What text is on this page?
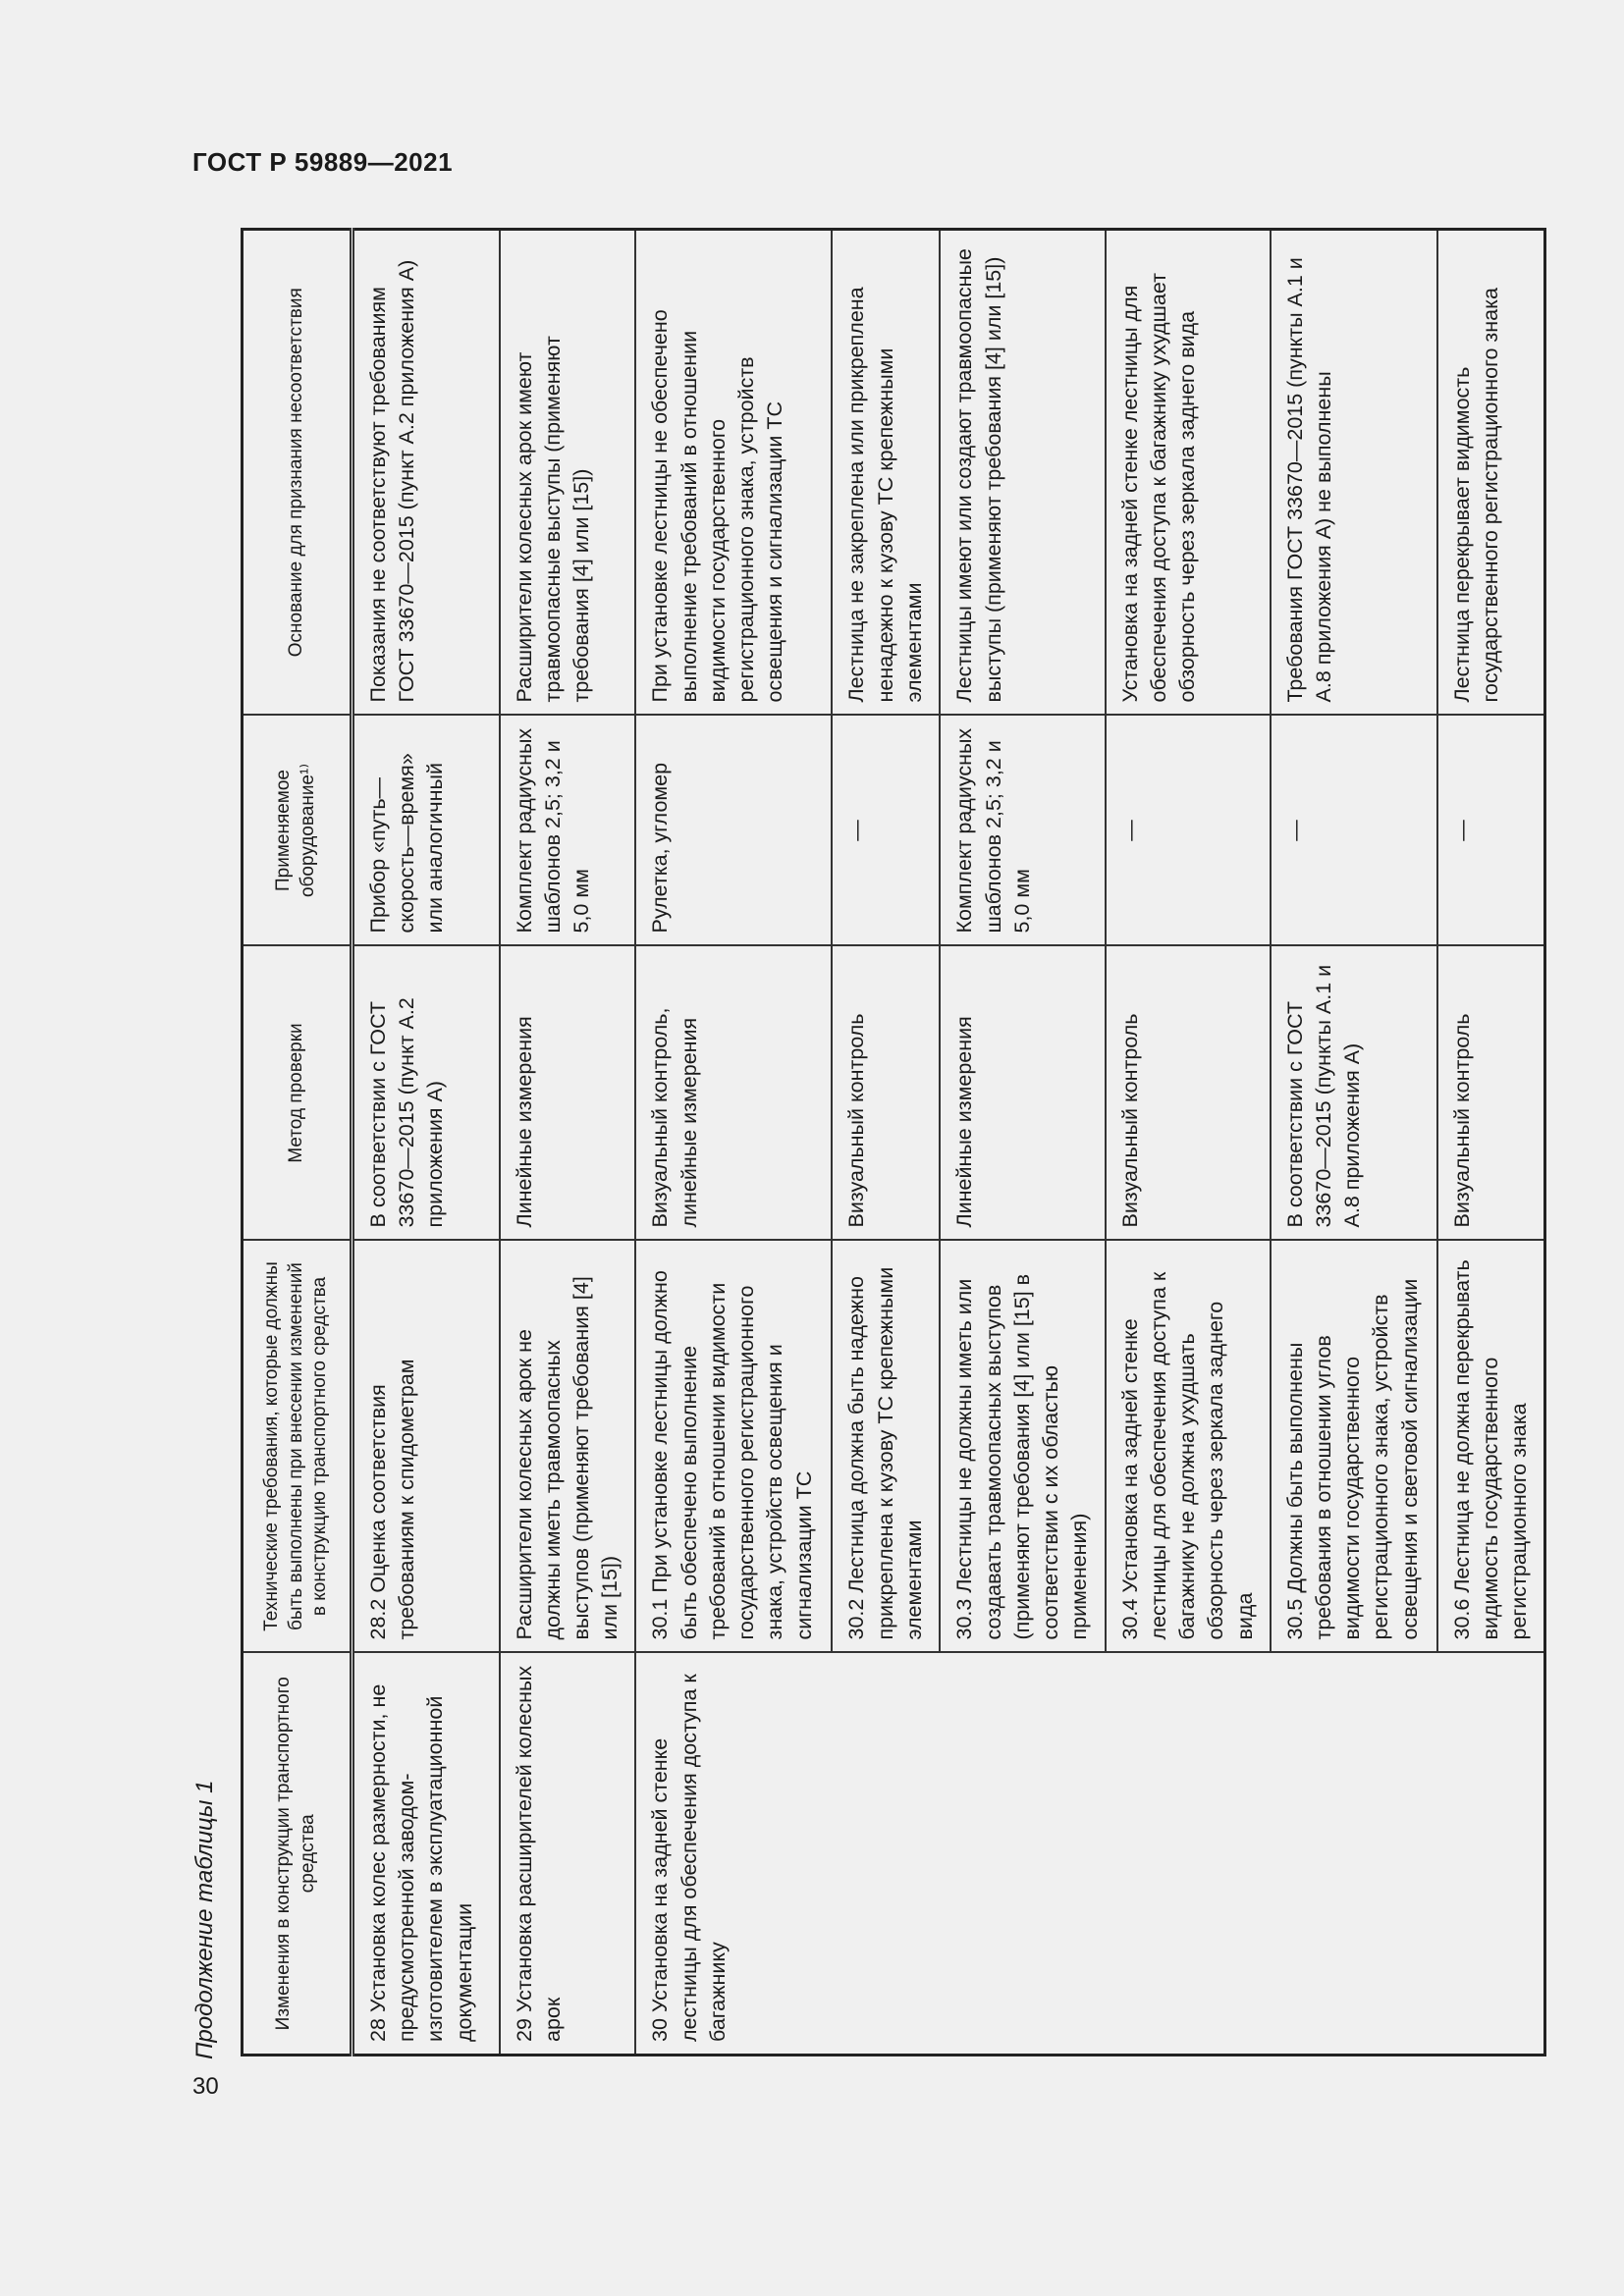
ГОСТ Р 59889—2021
Продолжение таблицы 1	Изменения в конструкции транспортного средства	Технические требования, которые должны быть выполнены при внесении изменений в конструкцию транспортного средства	Метод проверки	Применяемое оборудование¹⁾	Основание для признания несоответствия
28 Установка колес размерности, не предусмотренной заводом-изготовителем в эксплуатационной документации	28.2 Оценка соответствия требованиям к спидометрам	В соответствии с ГОСТ 33670—2015 (пункт А.2 приложения А)	Прибор «путь—скорость—время» или аналогичный	Показания не соответствуют требованиям ГОСТ 33670—2015 (пункт А.2 приложения А)
29 Установка расширителей колесных арок	Расширители колесных арок не должны иметь травмоопасных выступов (применяют требования [4] или [15])	Линейные измерения	Комплект радиусных шаблонов 2,5; 3,2 и 5,0 мм	Расширители колесных арок имеют травмоопасные выступы (применяют требования [4] или [15])
30 Установка на задней стенке лестницы для обеспечения доступа к багажнику	30.1 При установке лестницы должно быть обеспечено выполнение требований в отношении видимости государственного регистрационного знака, устройств освещения и сигнализации ТС	Визуальный контроль, линейные измерения	Рулетка, угломер	При установке лестницы не обеспечено выполнение требований в отношении видимости государственного регистрационного знака, устройств освещения и сигнализации ТС
	30.2 Лестница должна быть надежно прикреплена к кузову ТС крепежными элементами	Визуальный контроль	—	Лестница не закреплена или прикреплена ненадежно к кузову ТС крепежными элементами
	30.3 Лестницы не должны иметь или создавать травмоопасных выступов (применяют требования [4] или [15] в соответствии с их областью применения)	Линейные измерения	Комплект радиусных шаблонов 2,5; 3,2 и 5,0 мм	Лестницы имеют или создают травмоопасные выступы (применяют требования [4] или [15])
	30.4 Установка на задней стенке лестницы для обеспечения доступа к багажнику не должна ухудшать обзорность через зеркала заднего вида	Визуальный контроль	—	Установка на задней стенке лестницы для обеспечения доступа к багажнику ухудшает обзорность через зеркала заднего вида
	30.5 Должны быть выполнены требования в отношении углов видимости государственного регистрационного знака, устройств освещения и световой сигнализации	В соответствии с ГОСТ 33670—2015 (пункты А.1 и А.8 приложения А)	—	Требования ГОСТ 33670—2015 (пункты А.1 и А.8 приложения А) не выполнены
	30.6 Лестница не должна перекрывать видимость государственного регистрационного знака	Визуальный контроль	—	Лестница перекрывает видимость государственного регистрационного знака
30
